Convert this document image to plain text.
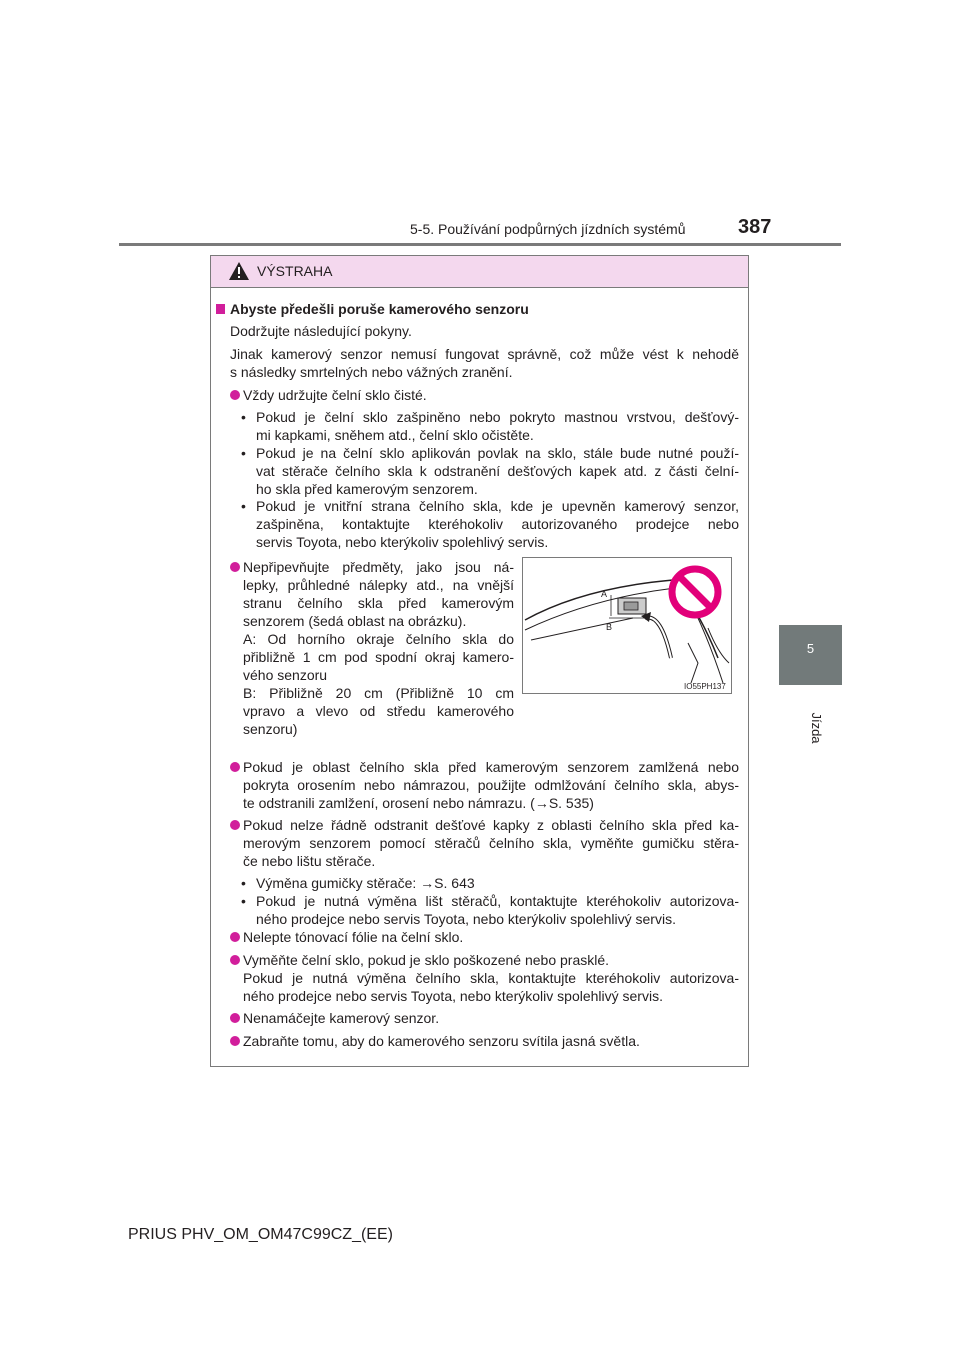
5-5. Používání podpůrných jízdních systémů	387
5
Jízda
VÝSTRAHA
Abyste předešli poruše kamerového senzoru
Dodržujte následující pokyny.
Jinak kamerový senzor nemusí fungovat správně, což může vést k nehodě
s následky smrtelných nebo vážných zranění.
Vždy udržujte čelní sklo čisté.
• Pokud je čelní sklo zašpiněno nebo pokryto mastnou vrstvou, dešťový-
mi kapkami, sněhem atd., čelní sklo očistěte.
• Pokud je na čelní sklo aplikován povlak na sklo, stále bude nutné použí-
vat stěrače čelního skla k odstranění dešťových kapek atd. z části čelní-
ho skla před kamerovým senzorem.
• Pokud je vnitřní strana čelního skla, kde je upevněn kamerový senzor,
zašpiněna, kontaktujte kteréhokoliv autorizovaného prodejce nebo
servis Toyota, nebo kterýkoliv spolehlivý servis.
Nepřipevňujte předměty, jako jsou ná-
lepky, průhledné nálepky atd., na vnější
stranu čelního skla před kamerovým
senzorem (šedá oblast na obrázku).
A: Od horního okraje čelního skla do
přibližně 1 cm pod spodní okraj kamero-
vého senzoru
B: Přibližně 20 cm (Přibližně 10 cm
vpravo a vlevo od středu kamerového
senzoru)
A
B
IO55PH137
Pokud je oblast čelního skla před kamerovým senzorem zamlžená nebo
pokryta orosením nebo námrazou, použijte odmlžování čelního skla, abys-
te odstranili zamlžení, orosení nebo námrazu. (→S. 535)
Pokud nelze řádně odstranit dešťové kapky z oblasti čelního skla před ka-
merovým senzorem pomocí stěračů čelního skla, vyměňte gumičku stěra-
če nebo lištu stěrače.
• Výměna gumičky stěrače: →S. 643
• Pokud je nutná výměna lišt stěračů, kontaktujte kteréhokoliv autorizova-
ného prodejce nebo servis Toyota, nebo kterýkoliv spolehlivý servis.
Nelepte tónovací fólie na čelní sklo.
Vyměňte čelní sklo, pokud je sklo poškozené nebo prasklé.
Pokud je nutná výměna čelního skla, kontaktujte kteréhokoliv autorizova-
ného prodejce nebo servis Toyota, nebo kterýkoliv spolehlivý servis.
Nenamáčejte kamerový senzor.
Zabraňte tomu, aby do kamerového senzoru svítila jasná světla.
PRIUS PHV_OM_OM47C99CZ_(EE)
